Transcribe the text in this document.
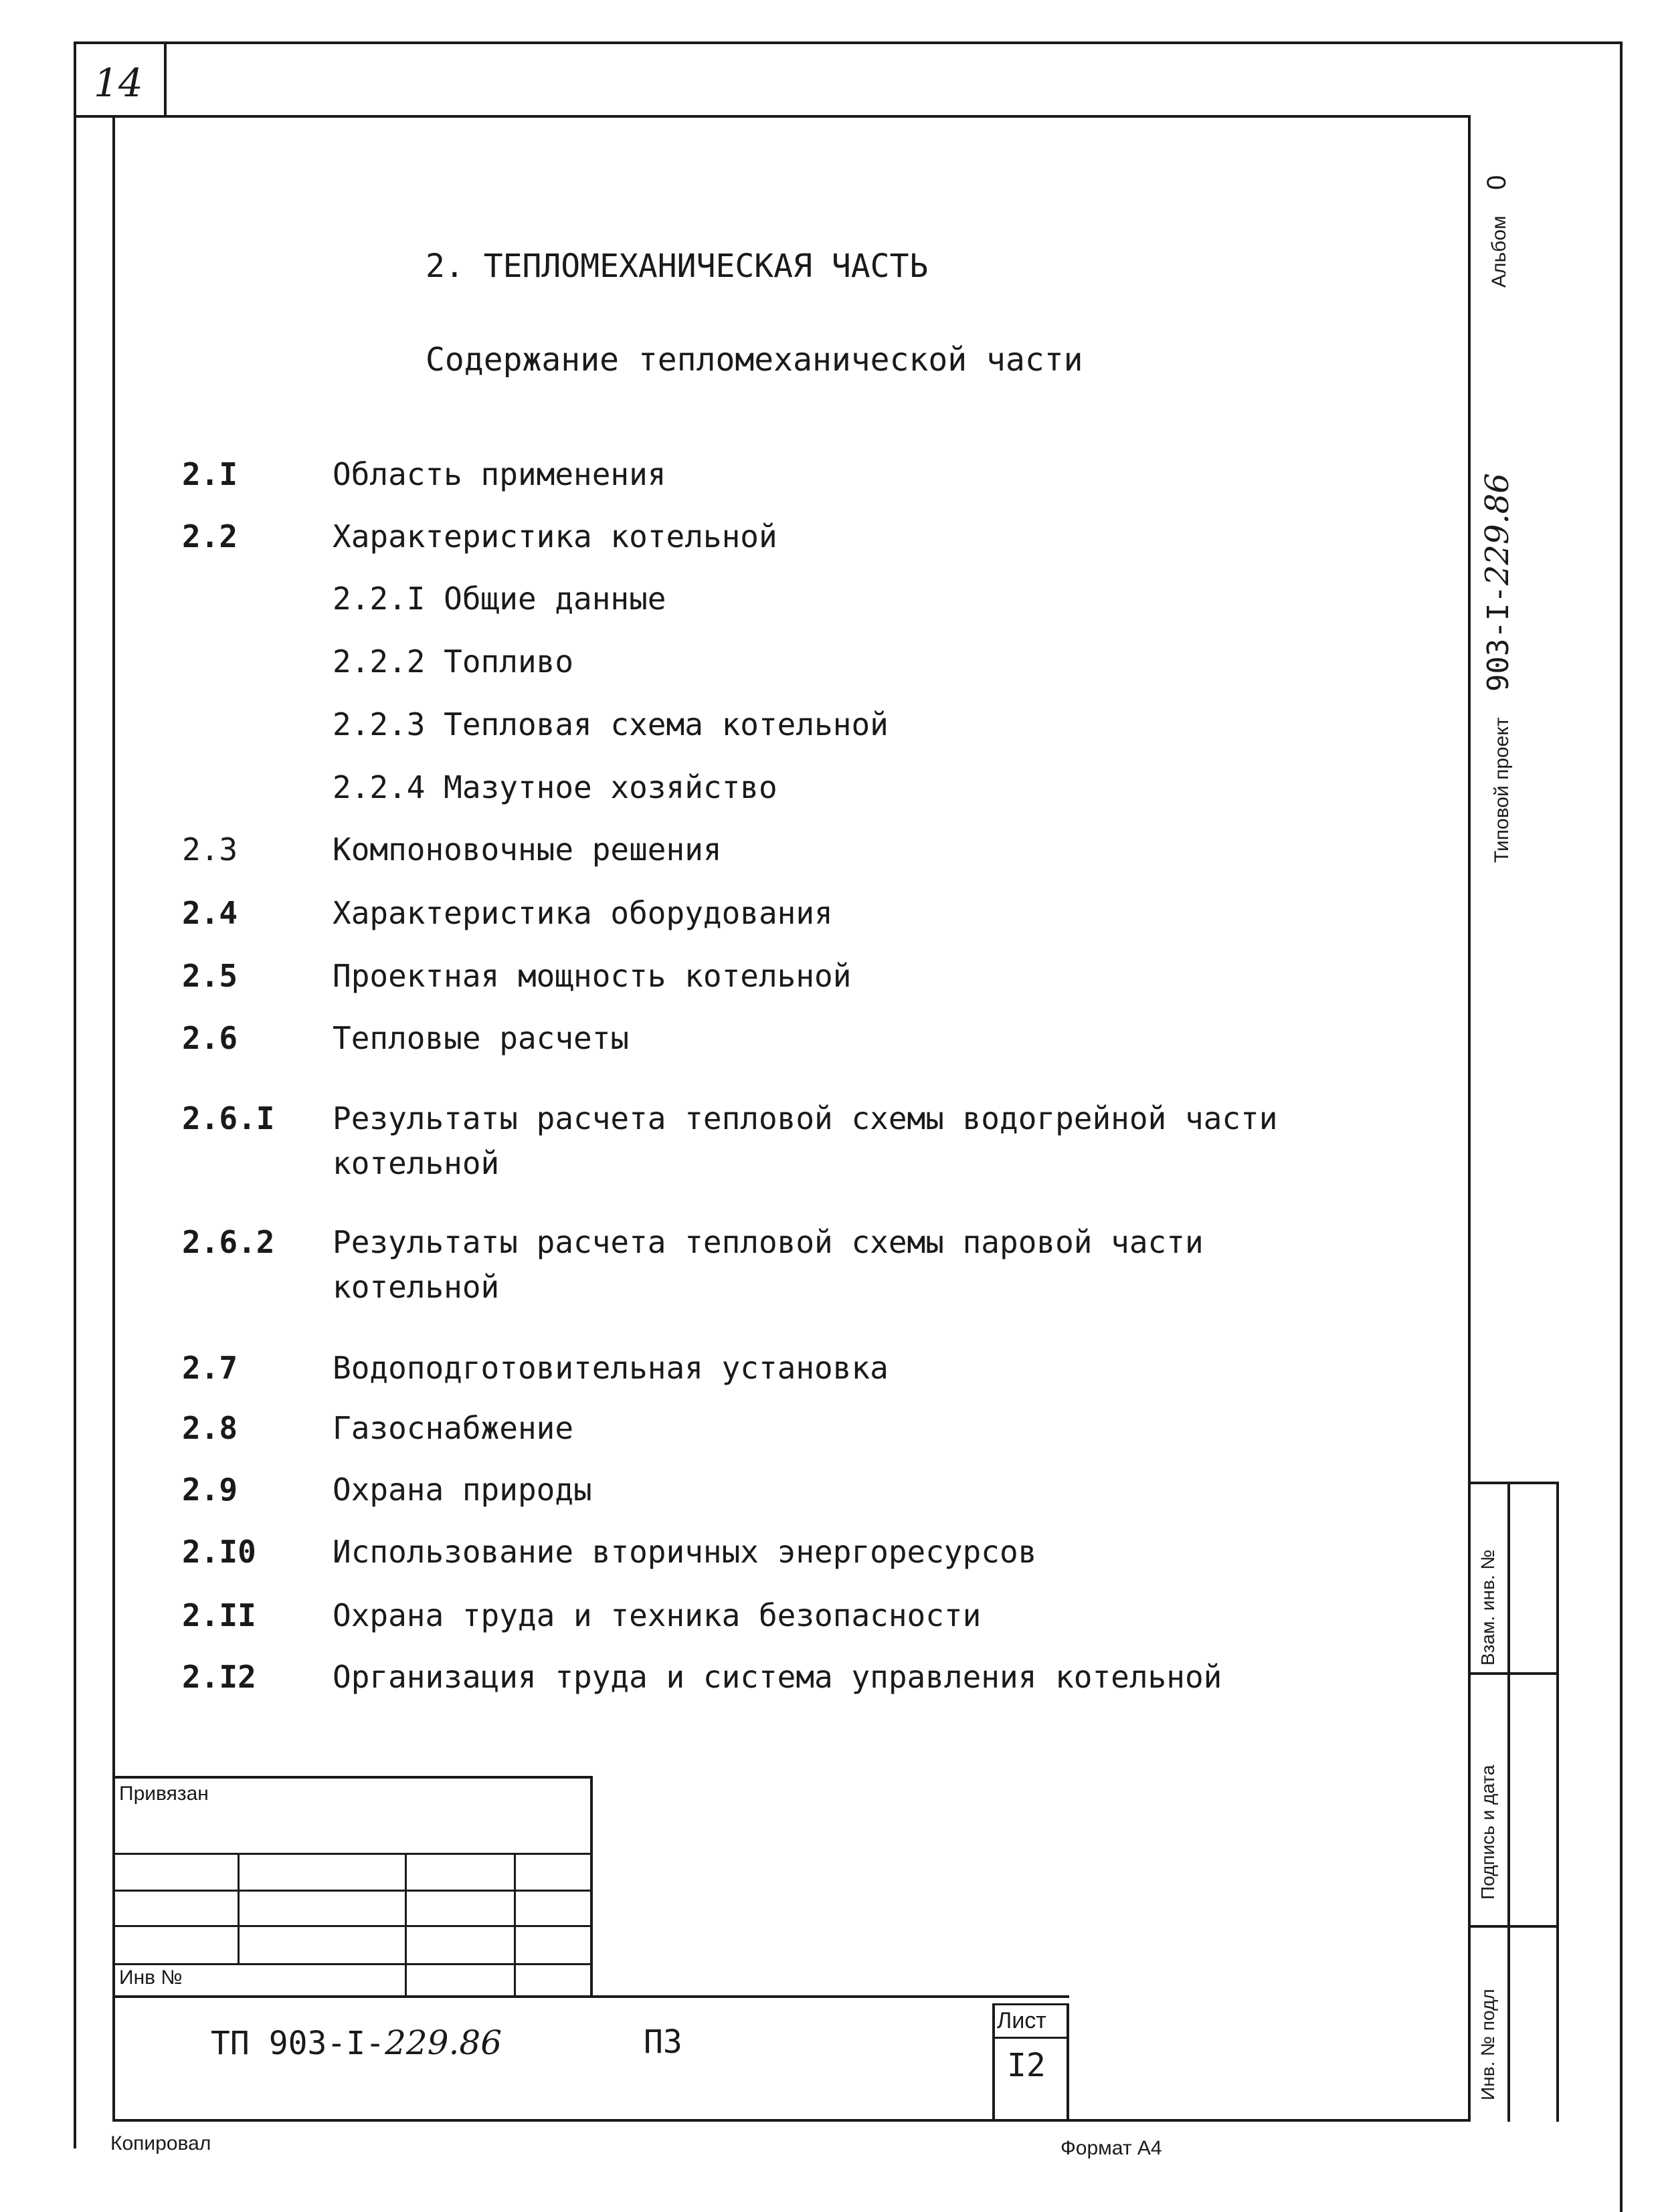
14
2. ТЕПЛОМЕХАНИЧЕСКАЯ ЧАСТЬ
Содержание тепломеханической части
2.I	Область применения
2.2	Характеристика котельной
2.2.I Общие данные
2.2.2 Топливо
2.2.3 Тепловая схема котельной
2.2.4 Мазутное хозяйство
2.3	Компоновочные решения
2.4	Характеристика оборудования
2.5	Проектная мощность котельной
2.6	Тепловые расчеты
2.6.I Результаты расчета тепловой схемы водогрейной части
котельной
2.6.2 Результаты расчета тепловой схемы паровой части
котельной
2.7	Водоподготовительная установка
2.8	Газоснабжение
2.9	Охрана природы
2.I0 Использование вторичных энергоресурсов
2.II Охрана труда и техника безопасности
2.I2 Организация труда и система управления котельной
Альбом 0
Типовой проект 903-I-229.86
Взам. инв. №
Подпись и дата
Инв. № подл
Привязан
Инв №
ТП 903-I-229.86	ПЗ
Лист
I2
Копировал	Формат А4
